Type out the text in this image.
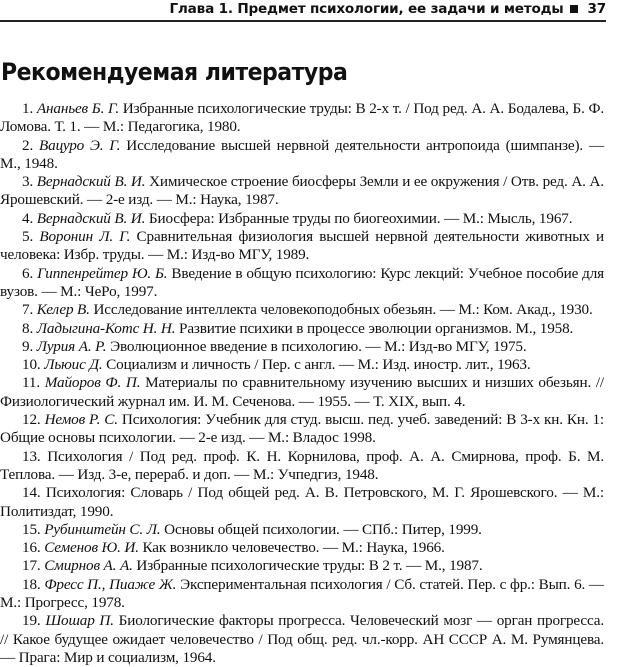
Глава 1. Предмет психологии, ее задачи и методы 37
Рекомендуемая литература
1. Ананьев Б. Г. Избранные психологические труды: В 2-х т. / Под ред. А. А. Бодалева, Б. Ф. Ломова. Т. 1. — М.: Педагогика, 1980.
2. Вацуро Э. Г. Исследование высшей нервной деятельности антропоида (шимпанзе). — М., 1948.
3. Вернадский В. И. Химическое строение биосферы Земли и ее окружения / Отв. ред. А. А. Ярошевский. — 2-е изд. — М.: Наука, 1987.
4. Вернадский В. И. Биосфера: Избранные труды по биогеохимии. — М.: Мысль, 1967.
5. Воронин Л. Г. Сравнительная физиология высшей нервной деятельности животных и человека: Избр. труды. — М.: Изд-во МГУ, 1989.
6. Гиппенрейтер Ю. Б. Введение в общую психологию: Курс лекций: Учебное пособие для вузов. — М.: ЧеРо, 1997.
7. Келер В. Исследование интеллекта человекоподобных обезьян. — М.: Ком. Акад., 1930.
8. Ладыгина-Котс Н. Н. Развитие психики в процессе эволюции организмов. М., 1958.
9. Лурия А. Р. Эволюционное введение в психологию. — М.: Изд-во МГУ, 1975.
10. Льюис Д. Социализм и личность / Пер. с англ. — М.: Изд. иностр. лит., 1963.
11. Майоров Ф. П. Материалы по сравнительному изучению высших и низших обезьян. // Физиологический журнал им. И. М. Сеченова. — 1955. — Т. XIX, вып. 4.
12. Немов Р. С. Психология: Учебник для студ. высш. пед. учеб. заведений: В 3-х кн. Кн. 1: Общие основы психологии. — 2-е изд. — М.: Владос 1998.
13. Психология / Под ред. проф. К. Н. Корнилова, проф. А. А. Смирнова, проф. Б. М. Теплова. — Изд. 3-е, перераб. и доп. — М.: Учпедгиз, 1948.
14. Психология: Словарь / Под общей ред. А. В. Петровского, М. Г. Ярошевского. — М.: Политиздат, 1990.
15. Рубинштейн С. Л. Основы общей психологии. — СПб.: Питер, 1999.
16. Семенов Ю. И. Как возникло человечество. — М.: Наука, 1966.
17. Смирнов А. А. Избранные психологические труды: В 2 т. — М., 1987.
18. Фресс П., Пиаже Ж. Экспериментальная психология / Сб. статей. Пер. с фр.: Вып. 6. — М.: Прогресс, 1978.
19. Шошар П. Биологические факторы прогресса. Человеческий мозг — орган прогресса. // Какое будущее ожидает человечество / Под общ. ред. чл.-корр. АН СССР А. М. Румянцева. — Прага: Мир и социализм, 1964.
